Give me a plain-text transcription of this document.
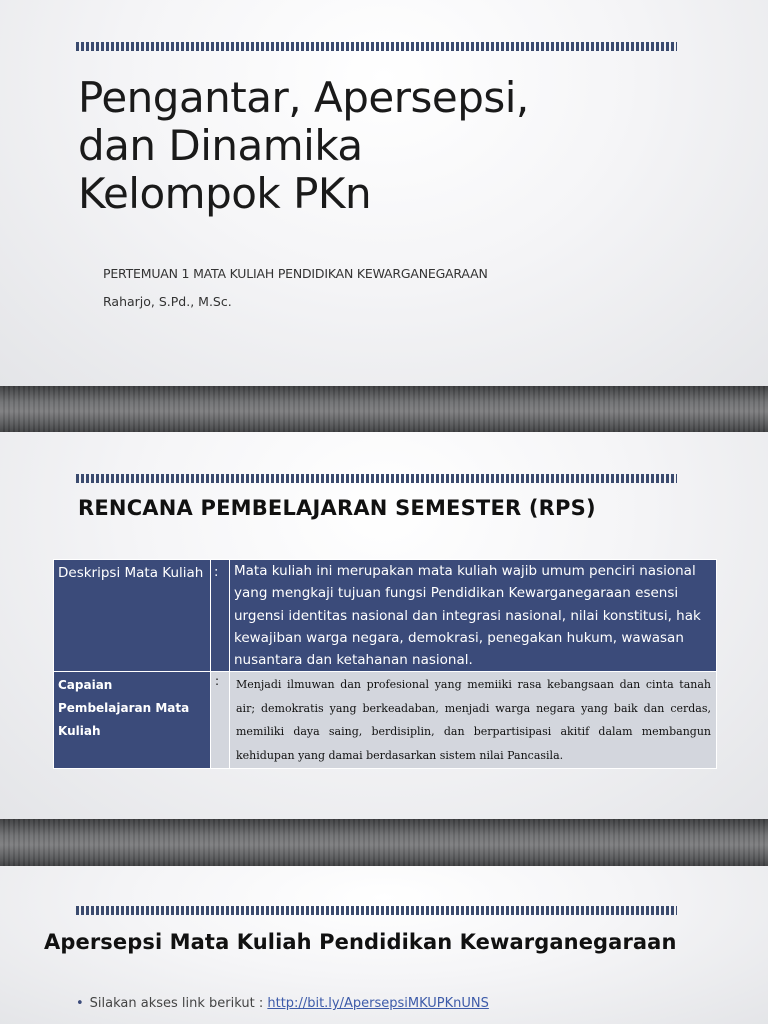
Pengantar, Apersepsi,
dan Dinamika
Kelompok PKn
PERTEMUAN 1 MATA KULIAH PENDIDIKAN KEWARGANEGARAAN
Raharjo, S.Pd., M.Sc.
RENCANA PEMBELAJARAN SEMESTER (RPS)
Deskripsi Mata Kuliah	:	Mata kuliah ini merupakan mata kuliah wajib umum penciri nasional yang mengkaji tujuan fungsi Pendidikan Kewarganegaraan esensi urgensi identitas nasional dan integrasi nasional, nilai konstitusi, hak kewajiban warga negara, demokrasi, penegakan hukum, wawasan nusantara dan ketahanan nasional.
Capaian Pembelajaran Mata Kuliah	:	Menjadi ilmuwan dan profesional yang memiiki rasa kebangsaan dan cinta tanah air; demokratis yang berkeadaban, menjadi warga negara yang baik dan cerdas, memiliki daya saing, berdisiplin, dan berpartisipasi akitif dalam membangun kehidupan yang damai berdasarkan sistem nilai Pancasila.
Apersepsi Mata Kuliah Pendidikan Kewarganegaraan
• Silakan akses link berikut : http://bit.ly/ApersepsiMKUPKnUNS
